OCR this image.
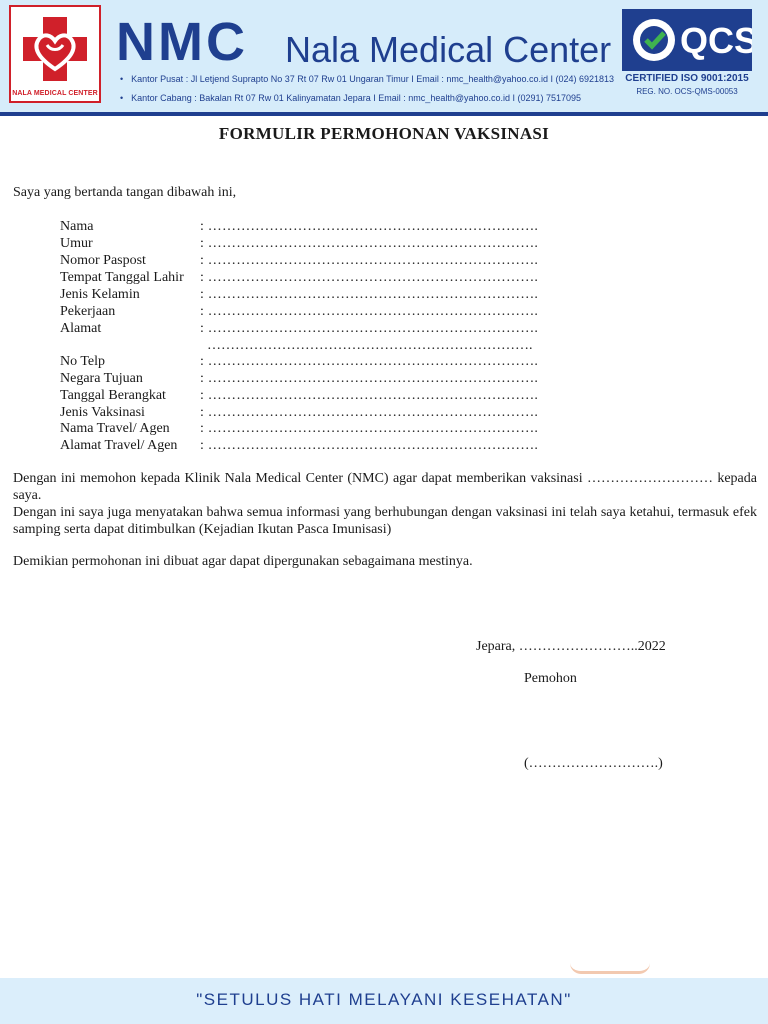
NALA MEDICAL CENTER
NMC Nala Medical Center
• Kantor Pusat : Jl Letjend Suprapto No 37 Rt 07 Rw 01 Ungaran Timur I Email : nmc_health@yahoo.co.id I (024) 6921813
• Kantor Cabang : Bakalan Rt 07 Rw 01 Kalinyamatan Jepara I Email : nmc_health@yahoo.co.id I (0291) 7517095
QCS
CERTIFIED ISO 9001:2015
REG. NO. OCS-QMS-00053
FORMULIR PERMOHONAN VAKSINASI
Saya yang bertanda tangan dibawah ini,
Nama	: …………………………………………………………….
Umur	: …………………………………………………………….
Nomor Paspost	: …………………………………………………………….
Tempat Tanggal Lahir : …………………………………………………………….
Jenis Kelamin	: …………………………………………………………….
Pekerjaan	: …………………………………………………………….
Alamat	: …………………………………………………………….
…………………………………………………………….
No Telp	: …………………………………………………………….
Negara Tujuan	: …………………………………………………………….
Tanggal Berangkat : …………………………………………………………….
Jenis Vaksinasi	: …………………………………………………………….
Nama Travel/ Agen : …………………………………………………………….
Alamat Travel/ Agen : …………………………………………………………….
Dengan ini memohon kepada Klinik Nala Medical Center (NMC) agar dapat memberikan vaksinasi ……………………… kepada saya.
Dengan ini saya juga menyatakan bahwa semua informasi yang berhubungan dengan vaksinasi ini telah saya ketahui, termasuk efek samping serta dapat ditimbulkan (Kejadian Ikutan Pasca Imunisasi)
Demikian permohonan ini dibuat agar dapat dipergunakan sebagaimana mestinya.
Jepara, ……………………..2022
Pemohon
(……………………….)
"SETULUS HATI MELAYANI KESEHATAN"
